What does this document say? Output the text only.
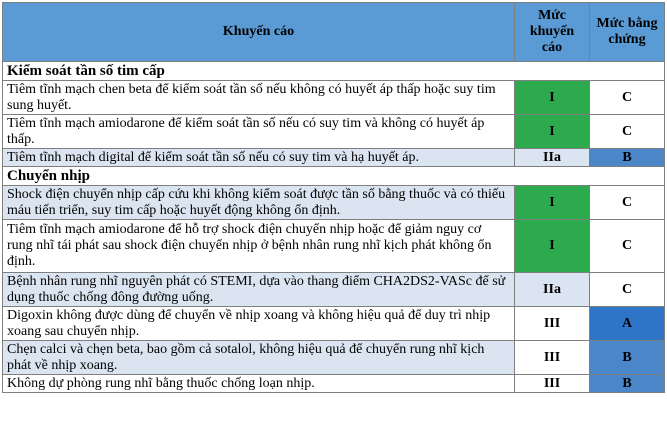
Khuyến cáo	Mức khuyến cáo	Mức bằng chứng
Kiểm soát tần số tim cấp		
Tiêm tĩnh mạch chen beta để kiểm soát tần số nếu không có huyết áp thấp hoặc suy tim sung huyết.	I	C
Tiêm tĩnh mạch amiodarone để kiểm soát tần số nếu có suy tim và không có huyết áp thấp.	I	C
Tiêm tĩnh mạch digital để kiểm soát tần số nếu có suy tim và hạ huyết áp.	IIa	B
Chuyển nhịp		
Shock điện chuyển nhịp cấp cứu khi không kiểm soát được tần số bằng thuốc và có thiếu máu tiến triển, suy tim cấp hoặc huyết động không ổn định.	I	C
Tiêm tĩnh mạch amiodarone để hỗ trợ shock điện chuyển nhịp hoặc để giảm nguy cơ rung nhĩ tái phát sau shock điện chuyển nhịp ở bệnh nhân rung nhĩ kịch phát không ổn định.	I	C
Bệnh nhân rung nhĩ nguyên phát có STEMI, dựa vào thang điểm CHA2DS2-VASc để sử dụng thuốc chống đông đường uống.	IIa	C
Digoxin không được dùng để chuyển về nhịp xoang và không hiệu quả để duy trì nhịp xoang sau chuyển nhịp.	III	A
Chẹn calci và chẹn beta, bao gồm cả sotalol, không hiệu quả để chuyển rung nhĩ kịch phát về nhịp xoang.	III	B
Không dự phòng rung nhĩ bằng thuốc chống loạn nhịp.	III	B
